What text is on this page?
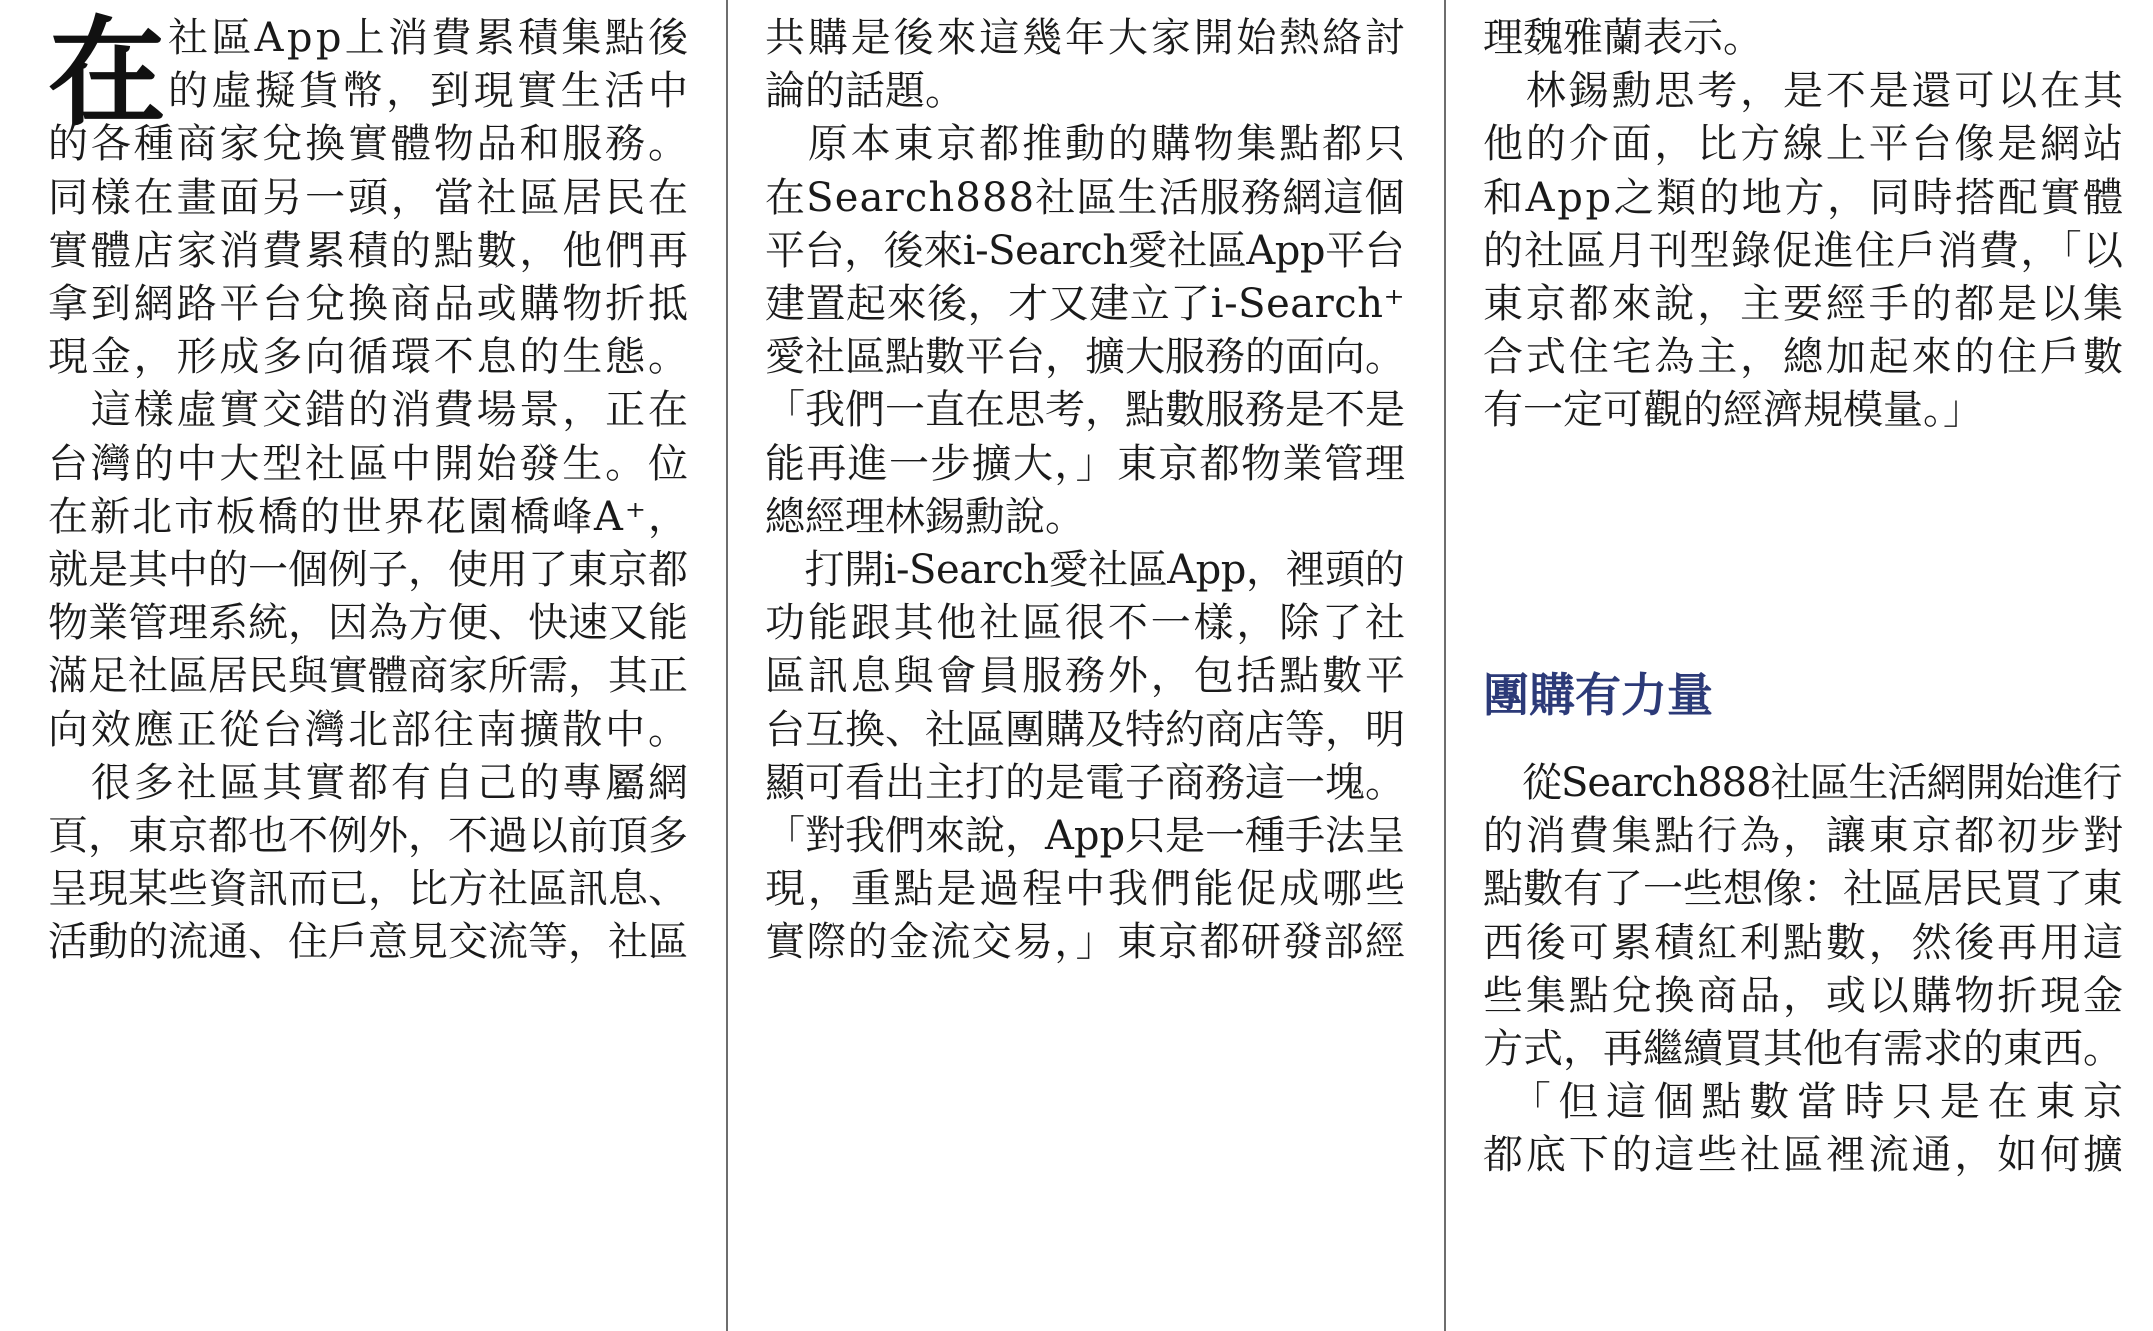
在 社區App上消費累積集點後
的虛擬貨幣，到現實生活中
的各種商家兌換實體物品和服務。
同樣在畫面另一頭，當社區居民在
實體店家消費累積的點數，他們再
拿到網路平台兌換商品或購物折抵
現金，形成多向循環不息的生態。
　這樣虛實交錯的消費場景，正在
台灣的中大型社區中開始發生。位
在新北市板橋的世界花園橋峰A⁺，
就是其中的一個例子，使用了東京都
物業管理系統，因為方便、快速又能
滿足社區居民與實體商家所需，其正
向效應正從台灣北部往南擴散中。
　很多社區其實都有自己的專屬網
頁，東京都也不例外，不過以前頂多
呈現某些資訊而已，比方社區訊息、
活動的流通、住戶意見交流等，社區
共購是後來這幾年大家開始熱絡討
論的話題。
　原本東京都推動的購物集點都只
在Search888社區生活服務網這個
平台，後來i-Search愛社區App平台
建置起來後，才又建立了i-Search⁺
愛社區點數平台，擴大服務的面向。
「我們一直在思考，點數服務是不是
能再進一步擴大，」東京都物業管理
總經理林錫勳說。
　打開i-Search愛社區App，裡頭的
功能跟其他社區很不一樣，除了社
區訊息與會員服務外，包括點數平
台互換、社區團購及特約商店等，明
顯可看出主打的是電子商務這一塊。
「對我們來說，App只是一種手法呈
現，重點是過程中我們能促成哪些
實際的金流交易，」東京都研發部經
團購有力量
理魏雅蘭表示。
　林錫勳思考，是不是還可以在其
他的介面，比方線上平台像是網站
和App之類的地方，同時搭配實體
的社區月刊型錄促進住戶消費，「以
東京都來說，主要經手的都是以集
合式住宅為主，總加起來的住戶數
有一定可觀的經濟規模量。」
　從Search888社區生活網開始進行
的消費集點行為，讓東京都初步對
點數有了一些想像：社區居民買了東
西後可累積紅利點數，然後再用這
些集點兌換商品，或以購物折現金
方式，再繼續買其他有需求的東西。
　「但這個點數當時只是在東京
都底下的這些社區裡流通，如何擴
